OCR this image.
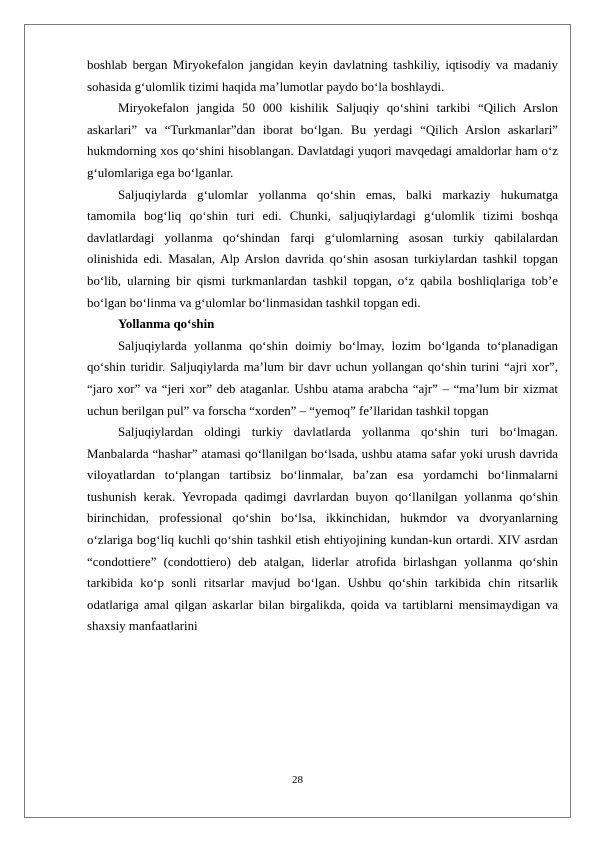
boshlab bergan Miryokefalon jangidan keyin davlatning tashkiliy, iqtisodiy va madaniy sohasida g‘ulomlik tizimi haqida ma’lumotlar paydo bo‘la boshlaydi.

Miryokefalon jangida 50 000 kishilik Saljuqiy qo‘shini tarkibi “Qilich Arslon askarlari” va “Turkmanlar”dan iborat bo‘lgan. Bu yerdagi “Qilich Arslon askarlari” hukmdorning xos qo‘shini hisoblangan. Davlatdagi yuqori mavqedagi amaldorlar ham o‘z g‘ulomlariga ega bo‘lganlar.

Saljuqiylarda g‘ulomlar yollanma qo‘shin emas, balki markaziy hukumatga tamomila bog‘liq qo‘shin turi edi. Chunki, saljuqiylardagi g‘ulomlik tizimi boshqa davlatlardagi yollanma qo‘shindan farqi g‘ulomlarning asosan turkiy qabilalardan olinishida edi. Masalan, Alp Arslon davrida qo‘shin asosan turkiylardan tashkil topgan bo‘lib, ularning bir qismi turkmanlardan tashkil topgan, o‘z qabila boshliqlariga tob’e bo‘lgan bo‘linma va g‘ulomlar bo‘linmasidan tashkil topgan edi.

Yollanma qo‘shin

Saljuqiylarda yollanma qo‘shin doimiy bo‘lmay, lozim bo‘lganda to‘planadigan qo‘shin turidir. Saljuqiylarda ma’lum bir davr uchun yollangan qo‘shin turini “ajri xor”, “jaro xor” va “jeri xor” deb ataganlar. Ushbu atama arabcha “ajr” – “ma’lum bir xizmat uchun berilgan pul” va forscha “xorden” – “yemoq” fe’llaridan tashkil topgan

Saljuqiylardan oldingi turkiy davlatlarda yollanma qo‘shin turi bo‘lmagan. Manbalarda “hashar” atamasi qo‘llanilgan bo‘lsada, ushbu atama safar yoki urush davrida viloyatlardan to‘plangan tartibsiz bo‘linmalar, ba’zan esa yordamchi bo‘linmalarni tushunish kerak. Yevropada qadimgi davrlardan buyon qo‘llanilgan yollanma qo‘shin birinchidan, professional qo‘shin bo‘lsa, ikkinchidan, hukmdor va dvoryanlarning o‘zlariga bog‘liq kuchli qo‘shin tashkil etish ehtiyojining kundan-kun ortardi. XIV asrdan “condottiere” (condottiero) deb atalgan, liderlar atrofida birlashgan yollanma qo‘shin tarkibida ko‘p sonli ritsarlar mavjud bo‘lgan. Ushbu qo‘shin tarkibida chin ritsarlik odatlariga amal qilgan askarlar bilan birgalikda, qoida va tartiblarni mensimaydigan va shaxsiy manfaatlarini

28
